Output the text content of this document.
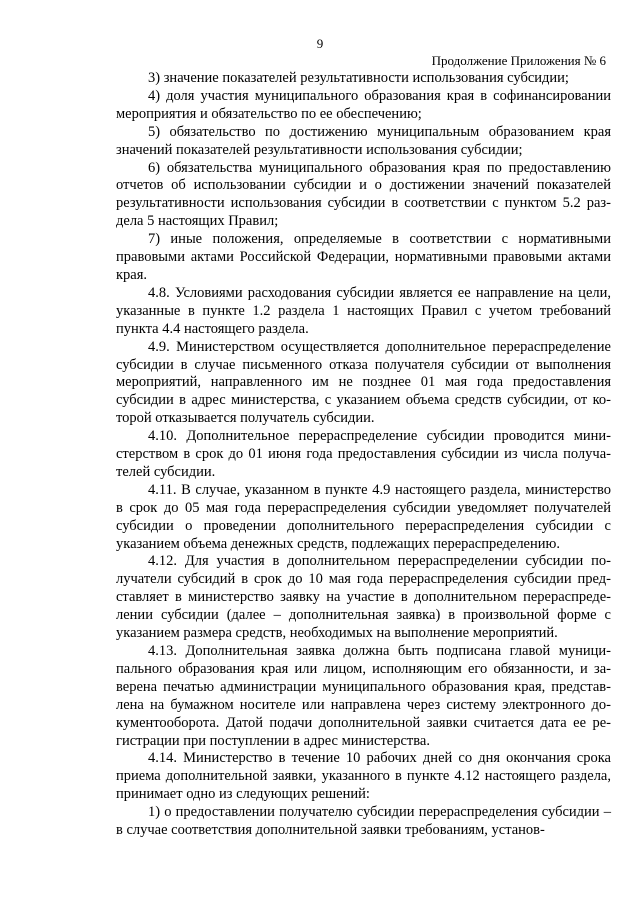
9
Продолжение Приложения № 6

3) значение показателей результативности использования субсидии;

4) доля участия муниципального образования края в софинансировании мероприятия и обязательство по ее обеспечению;

5) обязательство по достижению муниципальным образованием края значений показателей результативности использования субсидии;

6) обязательства муниципального образования края по предоставлению отчетов об использовании субсидии и о достижении значений показателей результативности использования субсидии в соответствии с пунктом 5.2 раздела 5 настоящих Правил;

7) иные положения, определяемые в соответствии с нормативными правовыми актами Российской Федерации, нормативными правовыми актами края.

4.8. Условиями расходования субсидии является ее направление на цели, указанные в пункте 1.2 раздела 1 настоящих Правил с учетом требований пункта 4.4 настоящего раздела.

4.9. Министерством осуществляется дополнительное перераспределение субсидии в случае письменного отказа получателя субсидии от выполнения мероприятий, направленного им не позднее 01 мая года предоставления субсидии в адрес министерства, с указанием объема средств субсидии, от которой отказывается получатель субсидии.

4.10. Дополнительное перераспределение субсидии проводится министерством в срок до 01 июня года предоставления субсидии из числа получателей субсидии.

4.11. В случае, указанном в пункте 4.9 настоящего раздела, министерство в срок до 05 мая года перераспределения субсидии уведомляет получателей субсидии о проведении дополнительного перераспределения субсидии с указанием объема денежных средств, подлежащих перераспределению.

4.12. Для участия в дополнительном перераспределении субсидии получатели субсидий в срок до 10 мая года перераспределения субсидии представляет в министерство заявку на участие в дополнительном перераспределении субсидии (далее – дополнительная заявка) в произвольной форме с указанием размера средств, необходимых на выполнение мероприятий.

4.13. Дополнительная заявка должна быть подписана главой муниципального образования края или лицом, исполняющим его обязанности, и заверена печатью администрации муниципального образования края, представлена на бумажном носителе или направлена через систему электронного документооборота. Датой подачи дополнительной заявки считается дата ее регистрации при поступлении в адрес министерства.

4.14. Министерство в течение 10 рабочих дней со дня окончания срока приема дополнительной заявки, указанного в пункте 4.12 настоящего раздела, принимает одно из следующих решений:

1) о предоставлении получателю субсидии перераспределения субсидии – в случае соответствия дополнительной заявки требованиям, установ-
